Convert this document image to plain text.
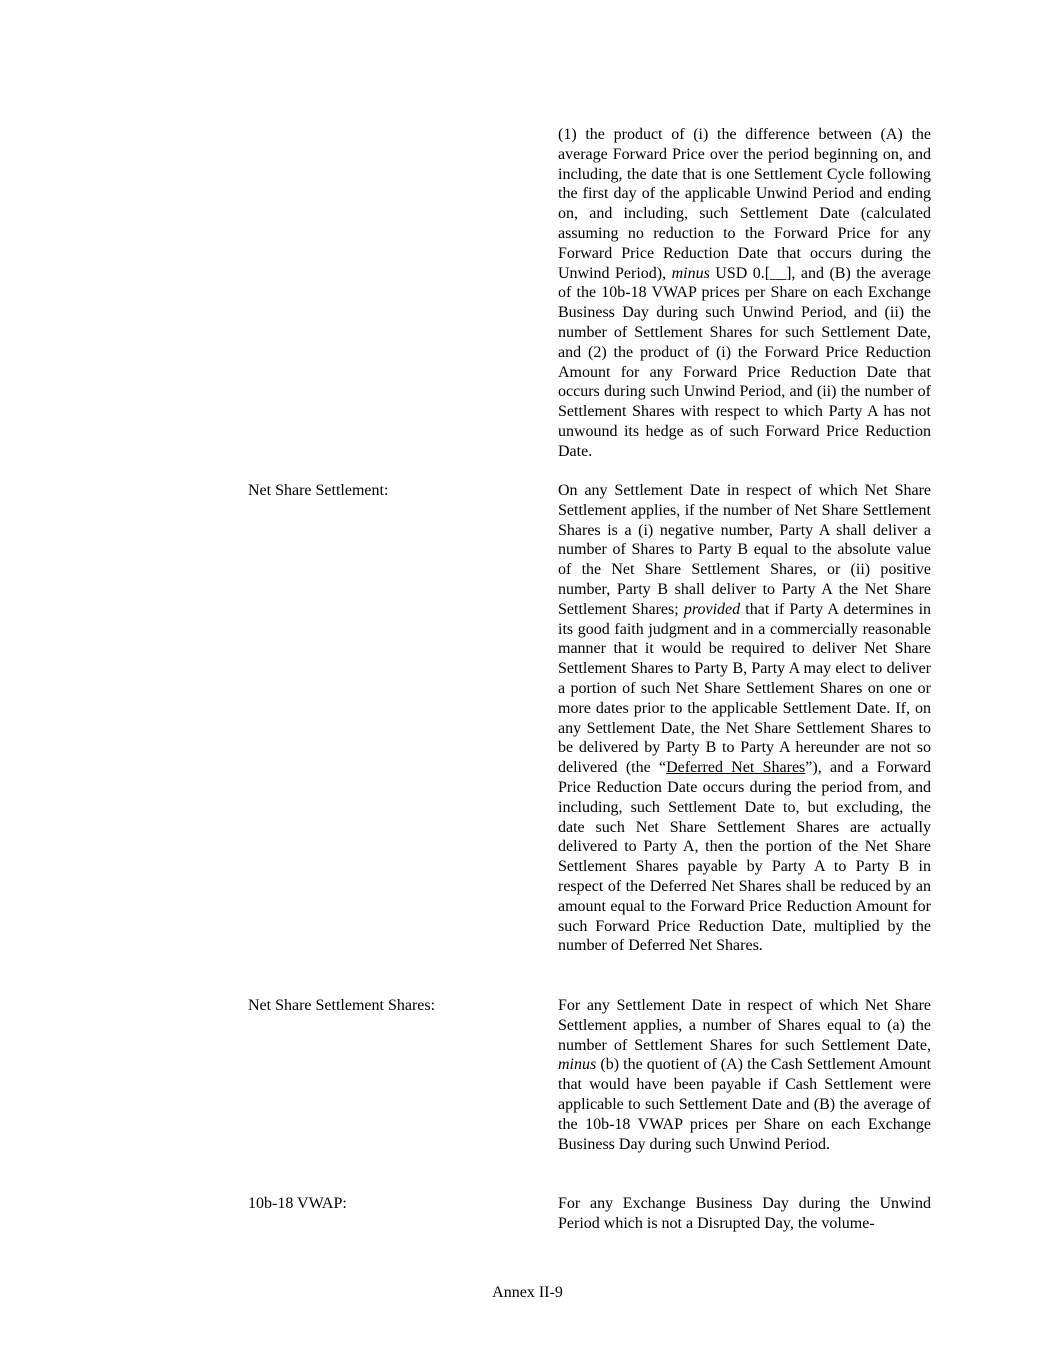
(1) the product of (i) the difference between (A) the average Forward Price over the period beginning on, and including, the date that is one Settlement Cycle following the first day of the applicable Unwind Period and ending on, and including, such Settlement Date (calculated assuming no reduction to the Forward Price for any Forward Price Reduction Date that occurs during the Unwind Period), minus USD 0.[__], and (B) the average of the 10b-18 VWAP prices per Share on each Exchange Business Day during such Unwind Period, and (ii) the number of Settlement Shares for such Settlement Date, and (2) the product of (i) the Forward Price Reduction Amount for any Forward Price Reduction Date that occurs during such Unwind Period, and (ii) the number of Settlement Shares with respect to which Party A has not unwound its hedge as of such Forward Price Reduction Date.
Net Share Settlement:	On any Settlement Date in respect of which Net Share Settlement applies, if the number of Net Share Settlement Shares is a (i) negative number, Party A shall deliver a number of Shares to Party B equal to the absolute value of the Net Share Settlement Shares, or (ii) positive number, Party B shall deliver to Party A the Net Share Settlement Shares; provided that if Party A determines in its good faith judgment and in a commercially reasonable manner that it would be required to deliver Net Share Settlement Shares to Party B, Party A may elect to deliver a portion of such Net Share Settlement Shares on one or more dates prior to the applicable Settlement Date. If, on any Settlement Date, the Net Share Settlement Shares to be delivered by Party B to Party A hereunder are not so delivered (the “Deferred Net Shares”), and a Forward Price Reduction Date occurs during the period from, and including, such Settlement Date to, but excluding, the date such Net Share Settlement Shares are actually delivered to Party A, then the portion of the Net Share Settlement Shares payable by Party A to Party B in respect of the Deferred Net Shares shall be reduced by an amount equal to the Forward Price Reduction Amount for such Forward Price Reduction Date, multiplied by the number of Deferred Net Shares.
Net Share Settlement Shares:	For any Settlement Date in respect of which Net Share Settlement applies, a number of Shares equal to (a) the number of Settlement Shares for such Settlement Date, minus (b) the quotient of (A) the Cash Settlement Amount that would have been payable if Cash Settlement were applicable to such Settlement Date and (B) the average of the 10b-18 VWAP prices per Share on each Exchange Business Day during such Unwind Period.
10b-18 VWAP:	For any Exchange Business Day during the Unwind Period which is not a Disrupted Day, the volume-
Annex II-9
